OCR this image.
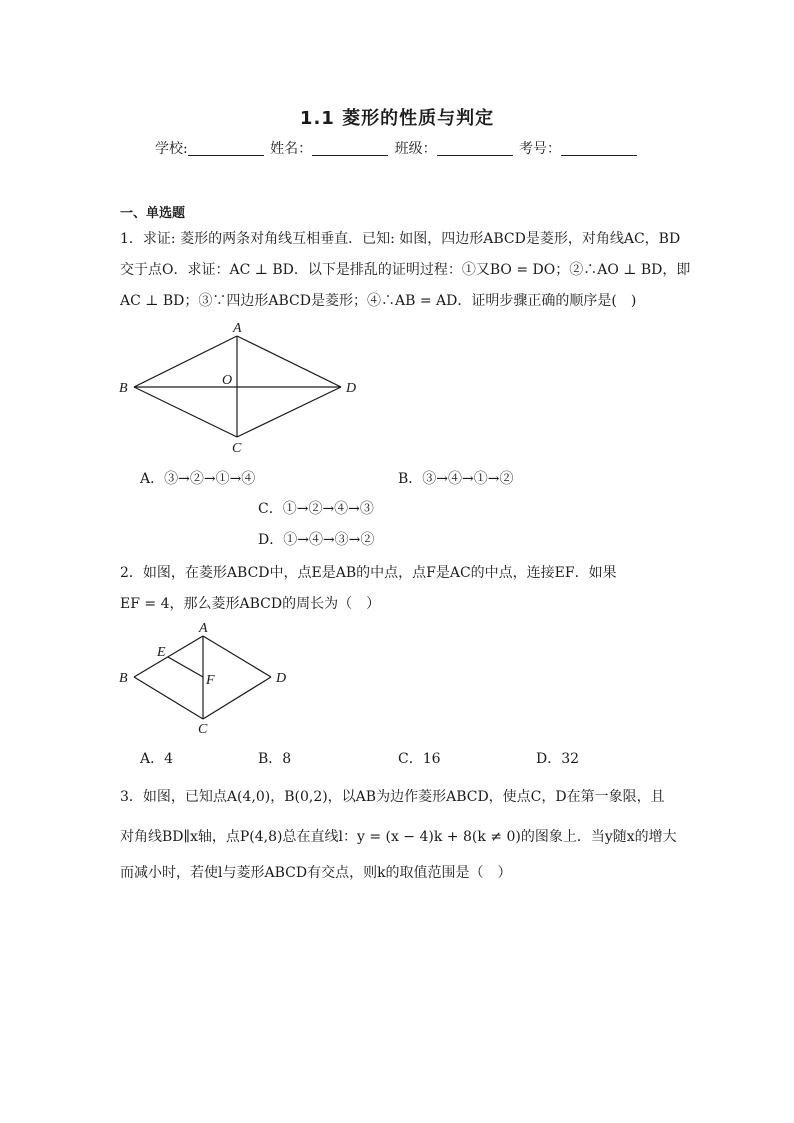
1.1 菱形的性质与判定
学校:	姓名：	班级：	考号：
一、单选题
1．求证: 菱形的两条对角线互相垂直．已知: 如图，四边形ABCD是菱形，对角线AC，BD
交于点O．求证：AC ⊥ BD．以下是排乱的证明过程：①又BO = DO；②∴AO ⊥ BD，即
AC ⊥ BD；③∵四边形ABCD是菱形；④∴AB = AD．证明步骤正确的顺序是(　)
A
B
C
D
O
A．③→②→①→④	B．③→④→①→②
C．①→②→④→③
D．①→④→③→②
2．如图，在菱形ABCD中，点E是AB的中点，点F是AC的中点，连接EF．如果
EF = 4，那么菱形ABCD的周长为（　）
A
B
C
D
E
F
A．4	B．8	C．16	D．32
3．如图，已知点A(4,0)，B(0,2)，以AB为边作菱形ABCD，使点C，D在第一象限，且
对角线BD∥x轴，点P(4,8)总在直线l：y = (x − 4)k + 8(k ≠ 0)的图象上．当y随x的增大
而减小时，若使l与菱形ABCD有交点，则k的取值范围是（　）
